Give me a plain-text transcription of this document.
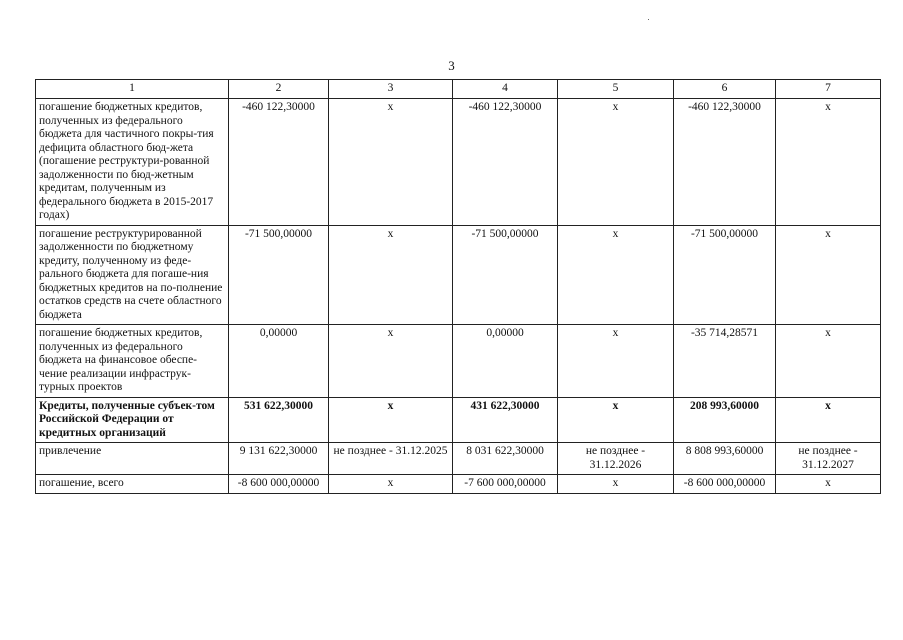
3
1	2	3	4	5	6	7
погашение бюджетных кредитов, полученных из федерального бюджета для частичного покры-тия дефицита областного бюд-жета (погашение реструктури-рованной задолженности по бюд-жетным кредитам, полученным из федерального бюджета в 2015-2017 годах)	-460 122,30000	x	-460 122,30000	x	-460 122,30000	x
погашение реструктурированной задолженности по бюджетному кредиту, полученному из феде-рального бюджета для погаше-ния бюджетных кредитов на по-полнение остатков средств на счете областного бюджета	-71 500,00000	x	-71 500,00000	x	-71 500,00000	x
погашение бюджетных кредитов, полученных из федерального бюджета на финансовое обеспе-чение реализации инфраструк-турных проектов	0,00000	x	0,00000	x	-35 714,28571	x
Кредиты, полученные субъек-том Российской Федерации от кредитных организаций	531 622,30000	x	431 622,30000	x	208 993,60000	x
привлечение	9 131 622,30000	не позднее - 31.12.2025	8 031 622,30000	не позднее - 31.12.2026	8 808 993,60000	не позднее - 31.12.2027
погашение, всего	-8 600 000,00000	x	-7 600 000,00000	x	-8 600 000,00000	x
